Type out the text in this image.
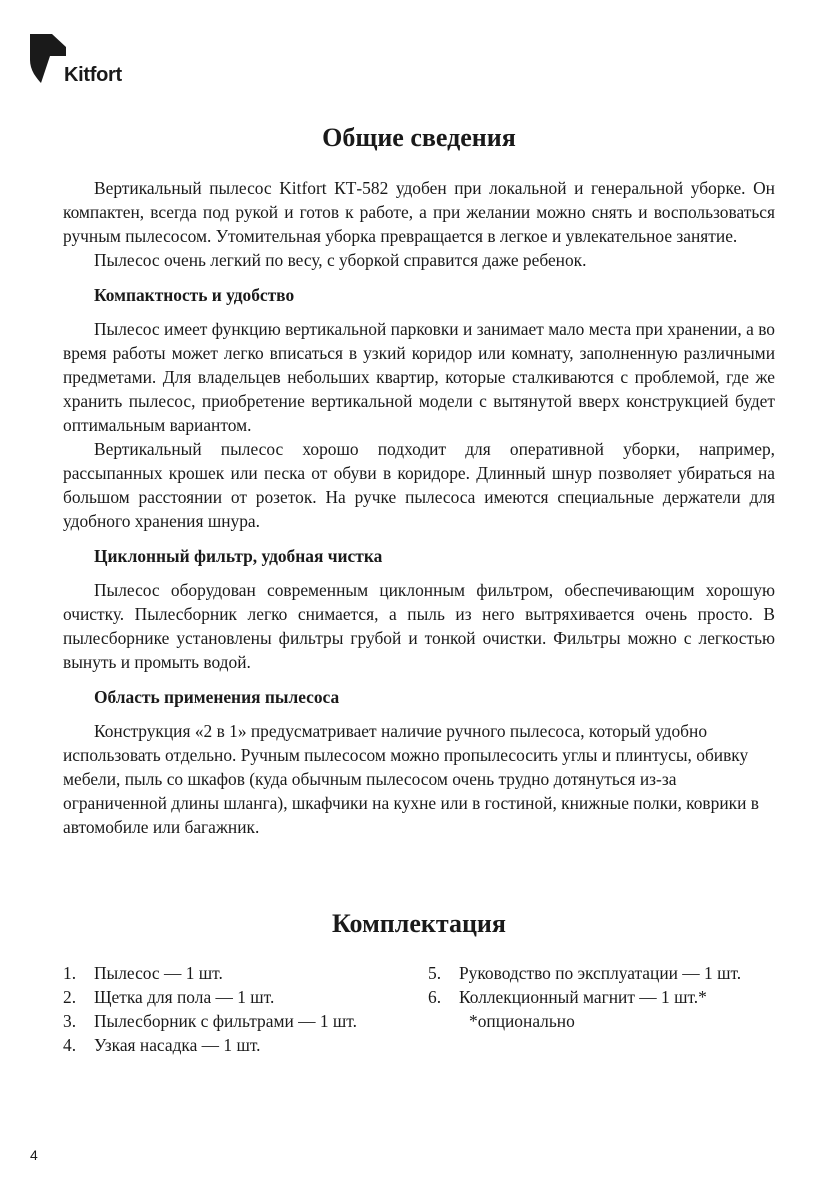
Kitfort
Общие сведения

Вертикальный пылесос Kitfort КТ-582 удобен при локальной и генеральной уборке. Он компактен, всегда под рукой и готов к работе, а при желании можно снять и воспользоваться ручным пылесосом. Утомительная уборка превращается в легкое и увлекательное занятие.

Пылесос очень легкий по весу, с уборкой справится даже ребенок.

Компактность и удобство

Пылесос имеет функцию вертикальной парковки и занимает мало места при хранении, а во время работы может легко вписаться в узкий коридор или комнату, заполненную различными предметами. Для владельцев небольших квартир, которые сталкиваются с проблемой, где же хранить пылесос, приобретение вертикальной модели с вытянутой вверх конструкцией будет оптимальным вариантом.

Вертикальный пылесос хорошо подходит для оперативной уборки, например, рассыпанных крошек или песка от обуви в коридоре. Длинный шнур позволяет убираться на большом расстоянии от розеток. На ручке пылесоса имеются специальные держатели для удобного хранения шнура.

Циклонный фильтр, удобная чистка

Пылесос оборудован современным циклонным фильтром, обеспечивающим хорошую очистку. Пылесборник легко снимается, а пыль из него вытряхивается очень просто. В пылесборнике установлены фильтры грубой и тонкой очистки. Фильтры можно с легкостью вынуть и промыть водой.

Область применения пылесоса

Конструкция «2 в 1» предусматривает наличие ручного пылесоса, который удобно использовать отдельно. Ручным пылесосом можно пропылесосить углы и плинтусы, обивку мебели, пыль со шкафов (куда обычным пылесосом очень трудно дотянуться из-за ограниченной длины шланга), шкафчики на кухне или в гостиной, книжные полки, коврики в автомобиле или багажник.

Комплектация
1.	Пылесос — 1 шт.
2.	Щетка для пола — 1 шт.
3.	Пылесборник с фильтрами — 1 шт.
4.	Узкая насадка — 1 шт.
5.	Руководство по эксплуатации — 1 шт.
6.	Коллекционный магнит — 1 шт.*
*опционально
4
